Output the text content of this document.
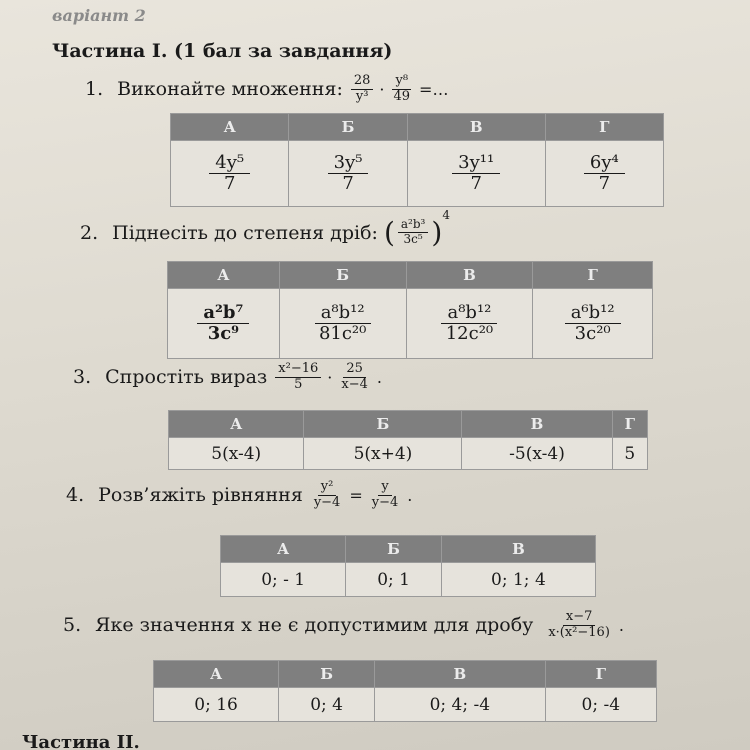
варіант 2
Частина І. (1 бал за завдання)
1. Виконайте множення: $\frac{28}{\text{y³}} \cdot \frac{\text{y⁸}}{49}$ =…
А	Б	В	Г

$\frac{\text{4y⁵}}{7}$	$\frac{\text{3y⁵}}{7}$	$\frac{\text{3y¹¹}}{7}$	$\frac{\text{6y⁴}}{7}$
2. Піднесіть до степеня дріб: ( $\frac{\text{a²b³}}{\text{3c⁵}}$ )
4
А	Б	В	Г

$\frac{\text{a²b⁷}}{\text{3c⁹}}$	$\frac{\text{a⁸b¹²}}{\text{81c²⁰}}$	$\frac{\text{a⁸b¹²}}{\text{12c²⁰}}$	$\frac{\text{a⁶b¹²}}{\text{3c²⁰}}$
3. Спростіть вираз $\frac{\text{x²−16}}{5} \cdot \frac{25}{x-4}$ .
А	Б	В	Г
5(x-4)	5(x+4)	-5(x-4)	5
4. Розв’яжіть рівняння $\frac{\text{y²}}{y-4} = \frac{y}{y-4}$ .
А	Б	В
0; - 1	0; 1	0; 1; 4
5. Яке значення х не є допустимим для дробу $\frac{x-7}{\text{x·(x²−16)}}$ .
А	Б	В	Г
0; 16	0; 4	0; 4; -4	0; -4
Частина ІІ.
